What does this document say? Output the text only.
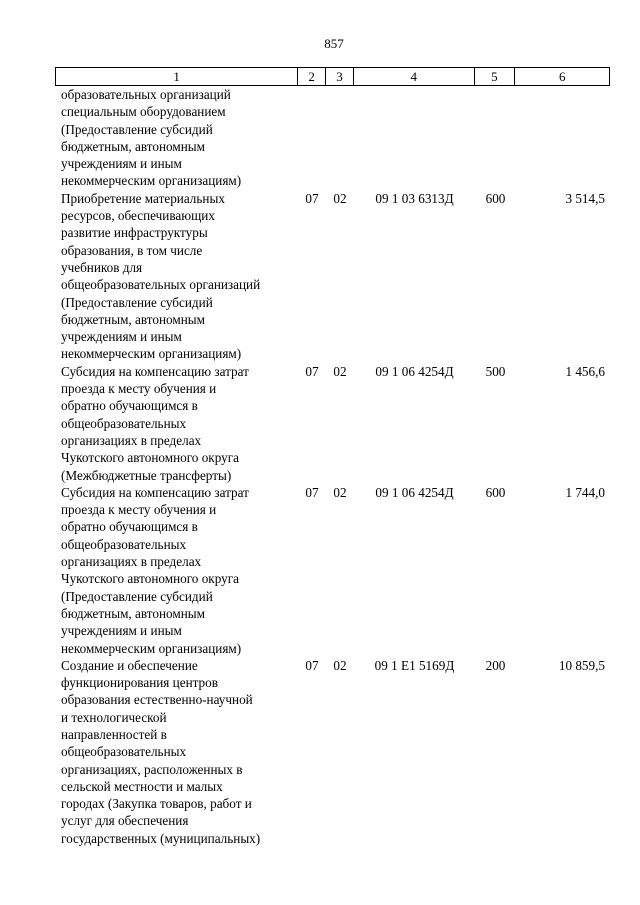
857
1	2	3	4	5	6
образовательных организаций
специальным оборудованием
(Предоставление субсидий
бюджетным, автономным
учреждениям и иным
некоммерческим организациям)
Приобретение материальных
ресурсов, обеспечивающих
развитие инфраструктуры
образования, в том числе
учебников для
общеобразовательных организаций
(Предоставление субсидий
бюджетным, автономным
учреждениям и иным
некоммерческим организациям)
07	02	09 1 03 6313Д	600	3 514,5
Субсидия на компенсацию затрат
проезда к месту обучения и
обратно обучающимся в
общеобразовательных
организациях в пределах
Чукотского автономного округа
(Межбюджетные трансферты)
07	02	09 1 06 4254Д	500	1 456,6
Субсидия на компенсацию затрат
проезда к месту обучения и
обратно обучающимся в
общеобразовательных
организациях в пределах
Чукотского автономного округа
(Предоставление субсидий
бюджетным, автономным
учреждениям и иным
некоммерческим организациям)
07	02	09 1 06 4254Д	600	1 744,0
Создание и обеспечение
функционирования центров
образования естественно-научной
и технологической
направленностей в
общеобразовательных
организациях, расположенных в
сельской местности и малых
городах (Закупка товаров, работ и
услуг для обеспечения
государственных (муниципальных)
07	02	09 1 E1 5169Д	200	10 859,5
